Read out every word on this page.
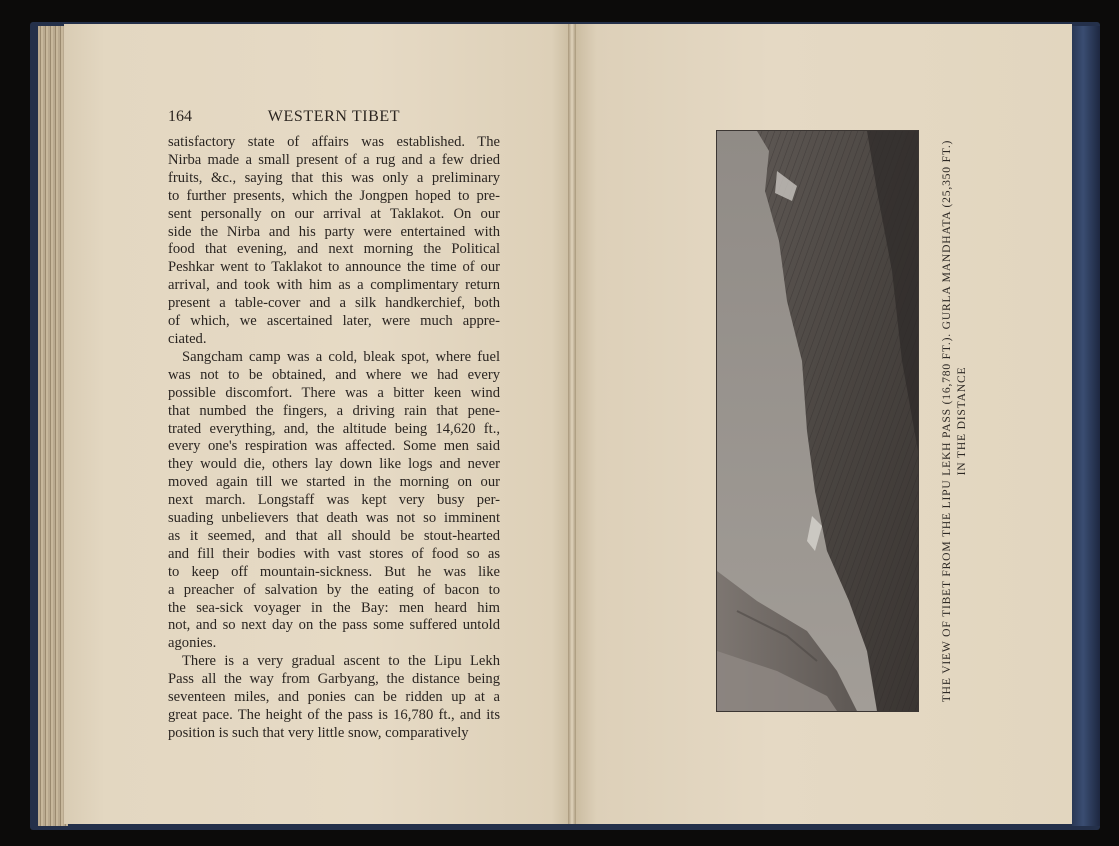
164	WESTERN TIBET
satisfactory state of affairs was established. The
Nirba made a small present of a rug and a few dried
fruits, &c., saying that this was only a preliminary
to further presents, which the Jongpen hoped to pre-
sent personally on our arrival at Taklakot. On our
side the Nirba and his party were entertained with
food that evening, and next morning the Political
Peshkar went to Taklakot to announce the time of our
arrival, and took with him as a complimentary return
present a table-cover and a silk handkerchief, both
of which, we ascertained later, were much appre-
ciated.
Sangcham camp was a cold, bleak spot, where fuel
was not to be obtained, and where we had every
possible discomfort. There was a bitter keen wind
that numbed the fingers, a driving rain that pene-
trated everything, and, the altitude being 14,620 ft.,
every one's respiration was affected. Some men said
they would die, others lay down like logs and never
moved again till we started in the morning on our
next march. Longstaff was kept very busy per-
suading unbelievers that death was not so imminent
as it seemed, and that all should be stout-hearted
and fill their bodies with vast stores of food so as
to keep off mountain-sickness. But he was like
a preacher of salvation by the eating of bacon to
the sea-sick voyager in the Bay: men heard him
not, and so next day on the pass some suffered untold
agonies.
There is a very gradual ascent to the Lipu Lekh
Pass all the way from Garbyang, the distance being
seventeen miles, and ponies can be ridden up at a
great pace. The height of the pass is 16,780 ft., and its
position is such that very little snow, comparatively
THE VIEW OF TIBET FROM THE LIPU LEKH PASS (16,780 FT.). GURLA MANDHATA (25,350 FT.) IN THE DISTANCE
